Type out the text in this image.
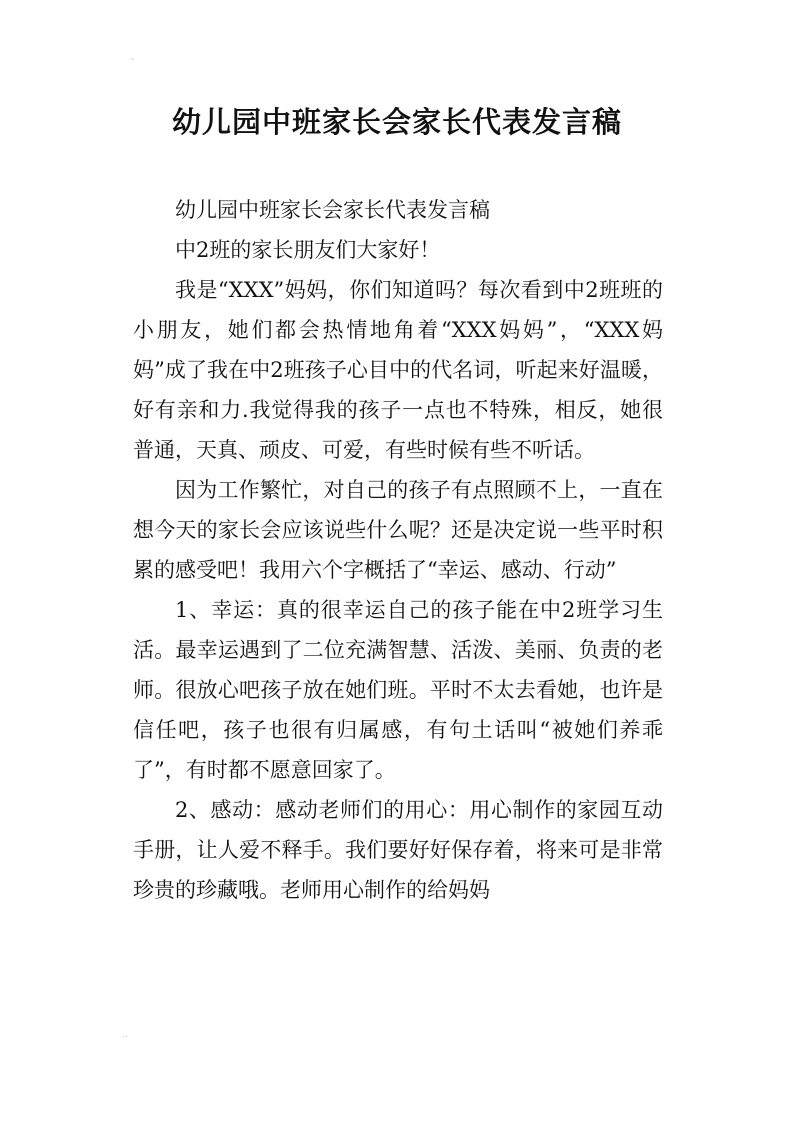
ˆ
幼儿园中班家长会家长代表发言稿

幼儿园中班家长会家长代表发言稿

中2班的家长朋友们大家好！

我是“XXX”妈妈，你们知道吗？每次看到中2班班的小朋友，她们都会热情地角着“XXX妈妈”，“XXX妈妈”成了我在中2班孩子心目中的代名词，听起来好温暖，好有亲和力.我觉得我的孩子一点也不特殊，相反，她很普通，天真、顽皮、可爱，有些时候有些不听话。

因为工作繁忙，对自己的孩子有点照顾不上，一直在想今天的家长会应该说些什么呢？还是决定说一些平时积累的感受吧！我用六个字概括了“幸运、感动、行动”

1、幸运：真的很幸运自己的孩子能在中2班学习生活。最幸运遇到了二位充满智慧、活泼、美丽、负责的老师。很放心吧孩子放在她们班。平时不太去看她，也许是信任吧，孩子也很有归属感，有句土话叫“被她们养乖了”，有时都不愿意回家了。

2、感动：感动老师们的用心：用心制作的家园互动手册，让人爱不释手。我们要好好保存着，将来可是非常珍贵的珍藏哦。老师用心制作的给妈妈

··
